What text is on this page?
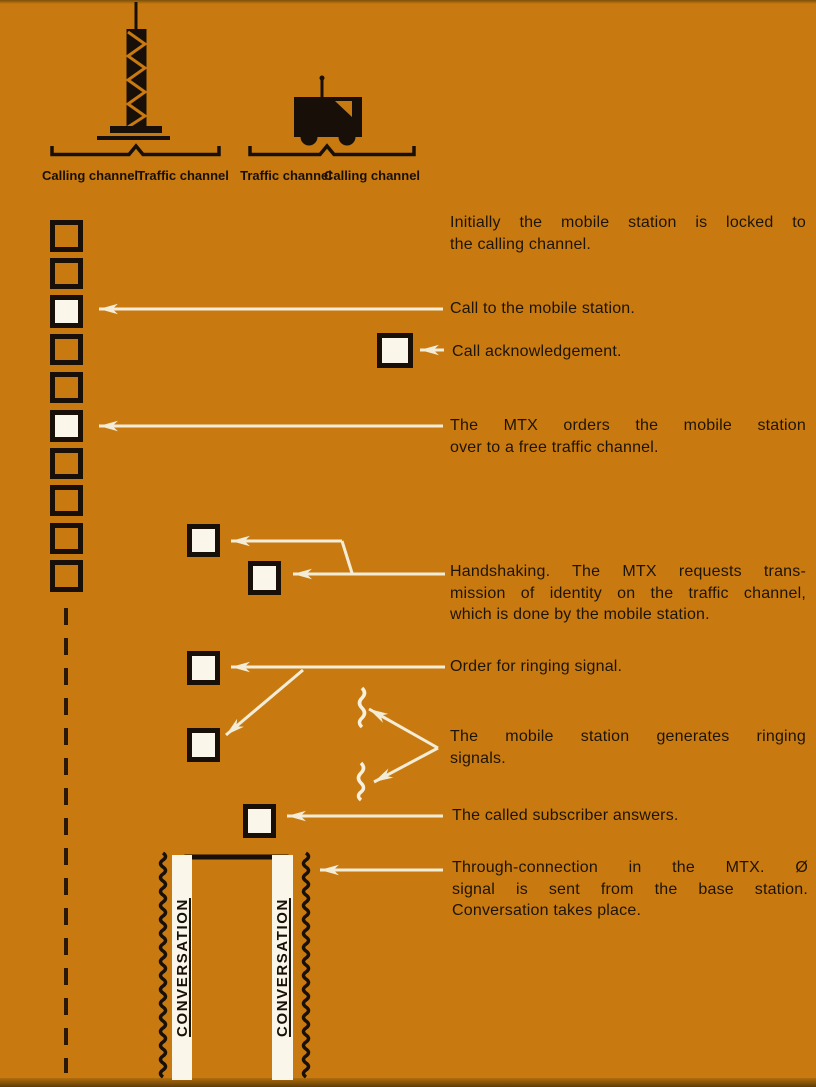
Calling channel Traffic channel Traffic channel
Calling channel
CONVERSATION	CONVERSATION
Initially the mobile station is locked to
the calling channel.
Call to the mobile station.
Call acknowledgement.
The MTX orders the mobile station
over to a free traffic channel.
Handshaking. The MTX requests trans-
mission of identity on the traffic channel,
which is done by the mobile station.
Order for ringing signal.
The mobile station generates ringing
signals.
The called subscriber answers.
Through-connection in the MTX. Ø
signal is sent from the base station.
Conversation takes place.
